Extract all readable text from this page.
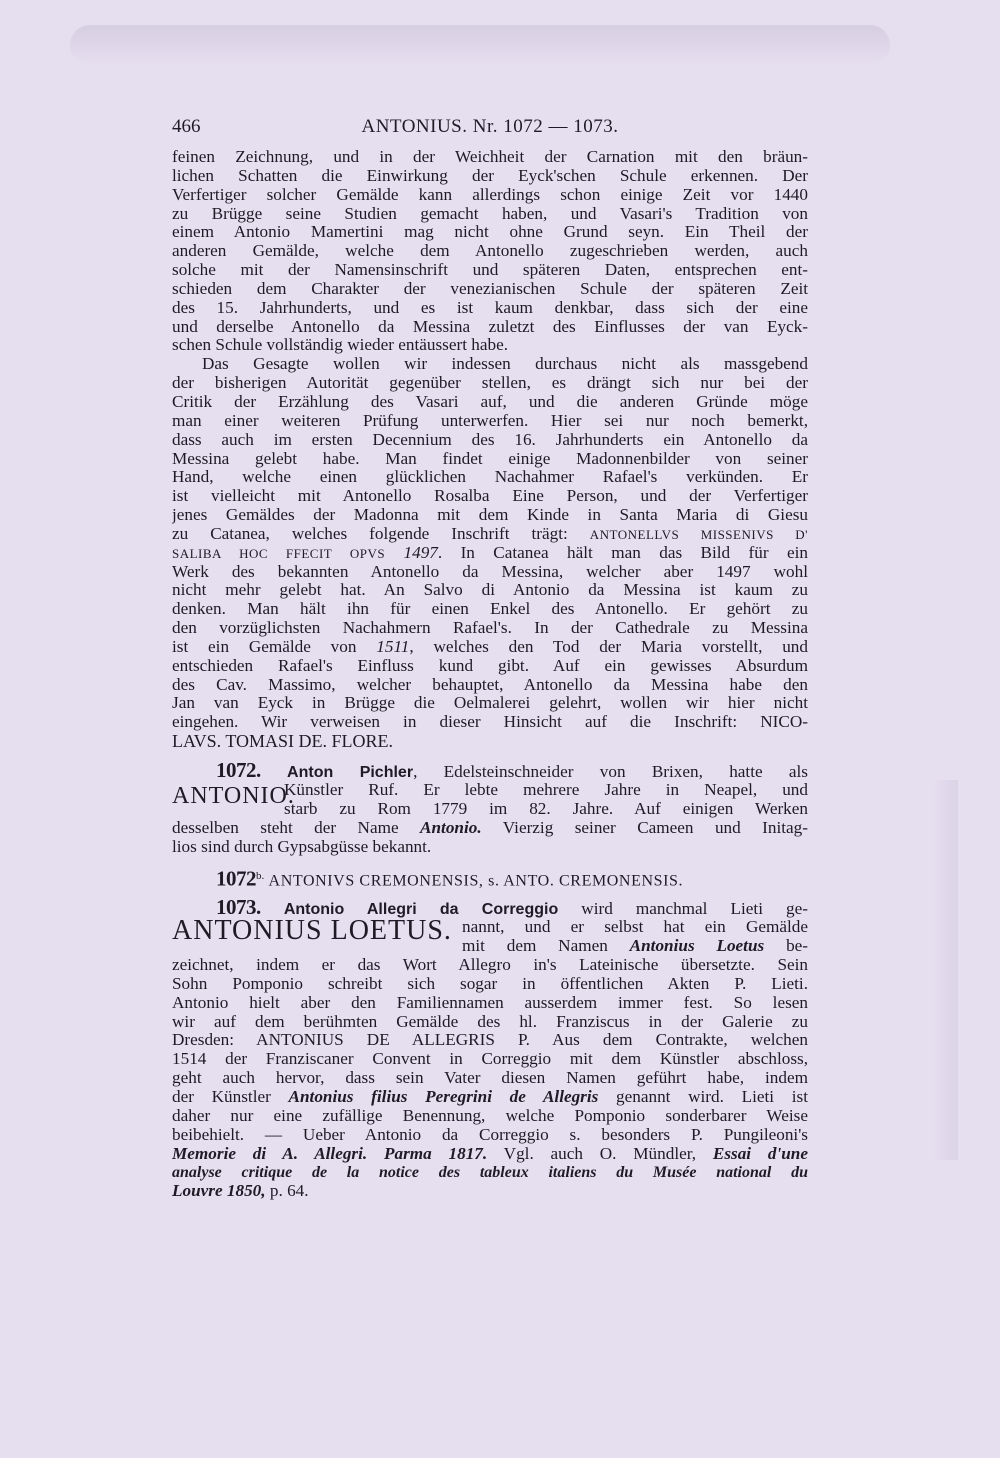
466	ANTONIUS. Nr. 1072 — 1073.
feinen Zeichnung, und in der Weichheit der Carnation mit den bräun-
lichen Schatten die Einwirkung der Eyck'schen Schule erkennen. Der
Verfertiger solcher Gemälde kann allerdings schon einige Zeit vor 1440
zu Brügge seine Studien gemacht haben, und Vasari's Tradition von
einem Antonio Mamertini mag nicht ohne Grund seyn. Ein Theil der
anderen Gemälde, welche dem Antonello zugeschrieben werden, auch
solche mit der Namensinschrift und späteren Daten, entsprechen ent-
schieden dem Charakter der venezianischen Schule der späteren Zeit
des 15. Jahrhunderts, und es ist kaum denkbar, dass sich der eine
und derselbe Antonello da Messina zuletzt des Einflusses der van Eyck-
schen Schule vollständig wieder entäussert habe.
Das Gesagte wollen wir indessen durchaus nicht als massgebend
der bisherigen Autorität gegenüber stellen, es drängt sich nur bei der
Critik der Erzählung des Vasari auf, und die anderen Gründe möge
man einer weiteren Prüfung unterwerfen. Hier sei nur noch bemerkt,
dass auch im ersten Decennium des 16. Jahrhunderts ein Antonello da
Messina gelebt habe. Man findet einige Madonnenbilder von seiner
Hand, welche einen glücklichen Nachahmer Rafael's verkünden. Er
ist vielleicht mit Antonello Rosalba Eine Person, und der Verfertiger
jenes Gemäldes der Madonna mit dem Kinde in Santa Maria di Giesu
zu Catanea, welches folgende Inschrift trägt: ANTONELLVS MISSENIVS D'
SALIBA HOC FFECIT OPVS 1497. In Catanea hält man das Bild für ein
Werk des bekannten Antonello da Messina, welcher aber 1497 wohl
nicht mehr gelebt hat. An Salvo di Antonio da Messina ist kaum zu
denken. Man hält ihn für einen Enkel des Antonello. Er gehört zu
den vorzüglichsten Nachahmern Rafael's. In der Cathedrale zu Messina
ist ein Gemälde von 1511, welches den Tod der Maria vorstellt, und
entschieden Rafael's Einfluss kund gibt. Auf ein gewisses Absurdum
des Cav. Massimo, welcher behauptet, Antonello da Messina habe den
Jan van Eyck in Brügge die Oelmalerei gelehrt, wollen wir hier nicht
eingehen. Wir verweisen in dieser Hinsicht auf die Inschrift: NICO-
LAVS. TOMASI DE. FLORE.
1072. Anton Pichler, Edelsteinschneider von Brixen, hatte als
ANTONIO.
Künstler Ruf. Er lebte mehrere Jahre in Neapel, und
starb zu Rom 1779 im 82. Jahre. Auf einigen Werken
desselben steht der Name Antonio. Vierzig seiner Cameen und Initag-
lios sind durch Gypsabgüsse bekannt.
$1072^{b.}$ ANTONIVS CREMONENSIS, s. ANTO. CREMONENSIS.
1073. Antonio Allegri da Correggio wird manchmal Lieti ge-
ANTONIUS LOETUS. nannt, und er selbst hat ein Gemälde
mit dem Namen Antonius Loetus be-
zeichnet, indem er das Wort Allegro in's Lateinische übersetzte. Sein
Sohn Pomponio schreibt sich sogar in öffentlichen Akten P. Lieti.
Antonio hielt aber den Familiennamen ausserdem immer fest. So lesen
wir auf dem berühmten Gemälde des hl. Franziscus in der Galerie zu
Dresden: ANTONIUS DE ALLEGRIS P. Aus dem Contrakte, welchen
1514 der Franziscaner Convent in Correggio mit dem Künstler abschloss,
geht auch hervor, dass sein Vater diesen Namen geführt habe, indem
der Künstler Antonius filius Peregrini de Allegris genannt wird. Lieti ist
daher nur eine zufällige Benennung, welche Pomponio sonderbarer Weise
beibehielt. — Ueber Antonio da Correggio s. besonders P. Pungileoni's
Memorie di A. Allegri. Parma 1817. Vgl. auch O. Mündler, Essai d'une
analyse critique de la notice des tableux italiens du Musée national du
Louvre 1850, p. 64.
